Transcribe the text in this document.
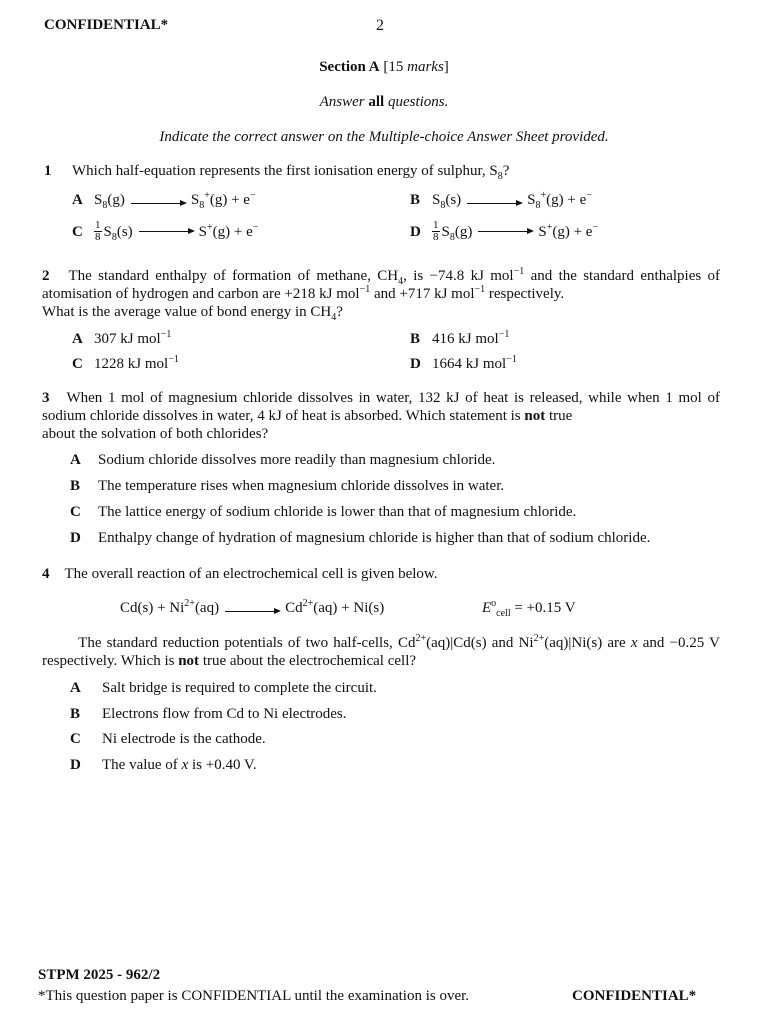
CONFIDENTIAL*	2
Section A [15 marks]
Answer all questions.
Indicate the correct answer on the Multiple-choice Answer Sheet provided.
1 Which half-equation represents the first ionisation energy of sulphur, $S_8$?
A $S_8(g) \to S_8^+(g) + e^-$	B $S_8(s) \to S_8^+(g) + e^-$
C	$\frac{1}{8} S_8(s) \to S^+(g) + e^-$	D	$\frac{1}{8} S_8(g) \to S^+(g) + e^-$
2 The standard enthalpy of formation of methane, $CH_4$, is −74.8 kJ mol$^{-1}$ and the standard enthalpies of atomisation of hydrogen and carbon are +218 kJ mol$^{-1}$ and +717 kJ mol$^{-1}$ respectively.
What is the average value of bond energy in $CH_4$?
A 307 kJ mol$^{-1}$	B 416 kJ mol$^{-1}$
C 1228 kJ mol$^{-1}$	D 1664 kJ mol$^{-1}$
3 When 1 mol of magnesium chloride dissolves in water, 132 kJ of heat is released, while when 1 mol of sodium chloride dissolves in water, 4 kJ of heat is absorbed. Which statement is not true
about the solvation of both chlorides?
A Sodium chloride dissolves more readily than magnesium chloride.
B The temperature rises when magnesium chloride dissolves in water.
C The lattice energy of sodium chloride is lower than that of magnesium chloride.
D Enthalpy change of hydration of magnesium chloride is higher than that of sodium chloride.
4 The overall reaction of an electrochemical cell is given below.
$Cd(s) + Ni^{2+}(aq) \to Cd^{2+}(aq) + Ni(s)$	$E^o_{cell} = +0.15$ V
The standard reduction potentials of two half-cells, $Cd^{2+}(aq)|Cd(s)$ and $Ni^{2+}(aq)|Ni(s)$ are x and −0.25 V respectively. Which is not true about the electrochemical cell?
A Salt bridge is required to complete the circuit.
B Electrons flow from Cd to Ni electrodes.
C Ni electrode is the cathode.
D The value of x is +0.40 V.
STPM 2025 - 962/2
*This question paper is CONFIDENTIAL until the examination is over.	CONFIDENTIAL*
